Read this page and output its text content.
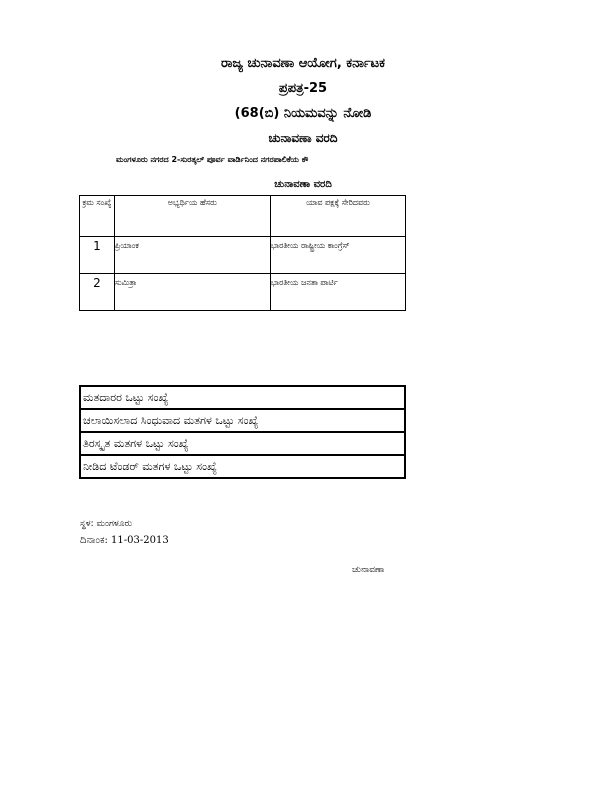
ರಾಜ್ಯ ಚುನಾವಣಾ ಆಯೋಗ, ಕರ್ನಾಟಕ
ಪ್ರಪತ್ರ-25
(68(ಬಿ) ನಿಯಮವನ್ನು ನೋಡಿ
ಚುನಾವಣಾ ವರದಿ
ಮಂಗಳೂರು ನಗರದ 2-ಸುರತ್ಕಲ್ ಪೂರ್ವ ವಾರ್ಡಿನಿಂದ ನಗರಪಾಲಿಕೆಯ ಕೌ
ಚುನಾವಣಾ ವರದಿ
ಕ್ರಮ ಸಂಖ್ಯೆ	ಅಭ್ಯರ್ಥಿಯ ಹೆಸರು	ಯಾವ ಪಕ್ಷಕ್ಕೆ ಸೇರಿದವರು
1	ಪ್ರಿಯಾಂಕ	ಭಾರತೀಯ ರಾಷ್ಟ್ರೀಯ ಕಾಂಗ್ರೆಸ್
2	ಸುಮಿತ್ರಾ	ಭಾರತೀಯ ಜನತಾ ಪಾರ್ಟಿ
ಮತದಾರರ ಒಟ್ಟು ಸಂಖ್ಯೆ
ಚಲಾಯಿಸಲಾದ ಸಿಂಧುವಾದ ಮತಗಳ ಒಟ್ಟು ಸಂಖ್ಯೆ
ತಿರಸ್ಕೃತ ಮತಗಳ ಒಟ್ಟು ಸಂಖ್ಯೆ
ನೀಡಿದ ಟೆಂಡರ್ ಮತಗಳ ಒಟ್ಟು ಸಂಖ್ಯೆ
ಸ್ಥಳ: ಮಂಗಳೂರು
ದಿನಾಂಕ: 11-03-2013
ಚುನಾವಣಾ
